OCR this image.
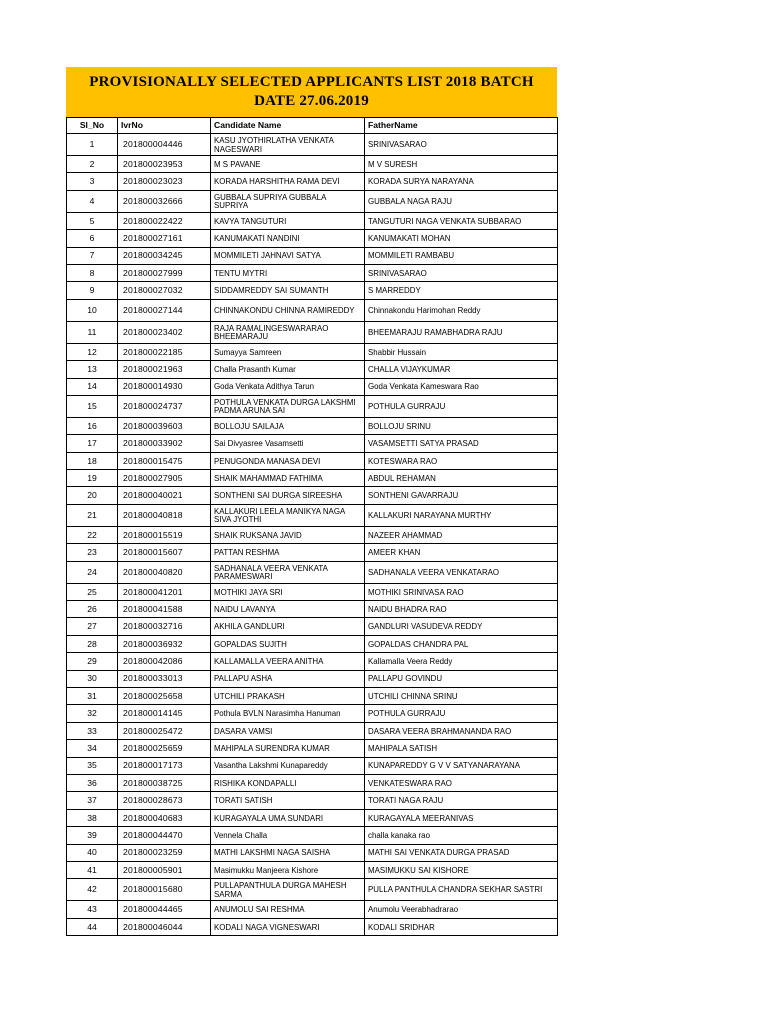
PROVISIONALLY SELECTED APPLICANTS LIST 2018 BATCH
DATE 27.06.2019
Sl_No	IvrNo	Candidate Name	FatherName
1	201800004446	KASU JYOTHIRLATHA VENKATA NAGESWARI	SRINIVASARAO

2	201800023953	M S PAVANE	M V SURESH

3	201800023023	KORADA HARSHITHA RAMA DEVI	KORADA SURYA NARAYANA

4	201800032666	GUBBALA SUPRIYA GUBBALA SUPRIYA	GUBBALA NAGA RAJU

5	201800022422	KAVYA TANGUTURI	TANGUTURI NAGA VENKATA SUBBARAO

6	201800027161	KANUMAKATI NANDINI	KANUMAKATI MOHAN

7	201800034245	MOMMILETI JAHNAVI SATYA	MOMMILETI RAMBABU

8	201800027999	TENTU MYTRI	SRINIVASARAO

9	201800027032	SIDDAMREDDY SAI SUMANTH	S MARREDDY

10	201800027144	CHINNAKONDU CHINNA RAMIREDDY	Chinnakondu Harimohan Reddy

11	201800023402	RAJA RAMALINGESWARARAO BHEEMARAJU	BHEEMARAJU RAMABHADRA RAJU

12	201800022185	Sumayya Samreen	Shabbir Hussain

13	201800021963	Challa Prasanth Kumar	CHALLA VIJAYKUMAR

14	201800014930	Goda Venkata Adithya Tarun	Goda Venkata Kameswara Rao

15	201800024737	POTHULA VENKATA DURGA LAKSHMI PADMA ARUNA SAI	POTHULA GURRAJU

16	201800039603	BOLLOJU SAILAJA	BOLLOJU SRINU

17	201800033902	Sai Divyasree Vasamsetti	VASAMSETTI SATYA PRASAD

18	201800015475	PENUGONDA MANASA DEVI	KOTESWARA RAO

19	201800027905	SHAIK MAHAMMAD FATHIMA	ABDUL REHAMAN

20	201800040021	SONTHENI SAI DURGA SIREESHA	SONTHENI GAVARRAJU

21	201800040818	KALLAKURI LEELA MANIKYA NAGA SIVA JYOTHI	KALLAKURI NARAYANA MURTHY

22	201800015519	SHAIK RUKSANA JAVID	NAZEER AHAMMAD

23	201800015607	PATTAN RESHMA	AMEER KHAN

24	201800040820	SADHANALA VEERA VENKATA PARAMESWARI	SADHANALA VEERA VENKATARAO

25	201800041201	MOTHIKI JAYA SRI	MOTHIKI SRINIVASA RAO

26	201800041588	NAIDU LAVANYA	NAIDU BHADRA RAO

27	201800032716	AKHILA GANDLURI	GANDLURI VASUDEVA REDDY

28	201800036932	GOPALDAS SUJITH	GOPALDAS CHANDRA PAL

29	201800042086	KALLAMALLA VEERA ANITHA	Kallamalla Veera Reddy

30	201800033013	PALLAPU ASHA	PALLAPU GOVINDU

31	201800025658	UTCHILI PRAKASH	UTCHILI CHINNA SRINU

32	201800014145	Pothula BVLN Narasimha Hanuman	POTHULA GURRAJU

33	201800025472	DASARA VAMSI	DASARA VEERA BRAHMANANDA RAO

34	201800025659	MAHIPALA SURENDRA KUMAR	MAHIPALA SATISH

35	201800017173	Vasantha Lakshmi Kunapareddy	KUNAPAREDDY G V V SATYANARAYANA

36	201800038725	RISHIKA KONDAPALLI	VENKATESWARA RAO

37	201800028673	TORATI SATISH	TORATI NAGA RAJU

38	201800040683	KURAGAYALA UMA SUNDARI	KURAGAYALA MEERANIVAS

39	201800044470	Vennela Challa	challa kanaka rao

40	201800023259	MATHI LAKSHMI NAGA SAISHA	MATHI SAI VENKATA DURGA PRASAD

41	201800005901	Masimukku Manjeera Kishore	MASIMUKKU SAI KISHORE

42	201800015680	PULLAPANTHULA DURGA MAHESH SARMA	PULLA PANTHULA CHANDRA SEKHAR SASTRI

43	201800044465	ANUMOLU SAI RESHMA	Anumolu Veerabhadrarao

44	201800046044	KODALI NAGA VIGNESWARI	KODALI SRIDHAR
